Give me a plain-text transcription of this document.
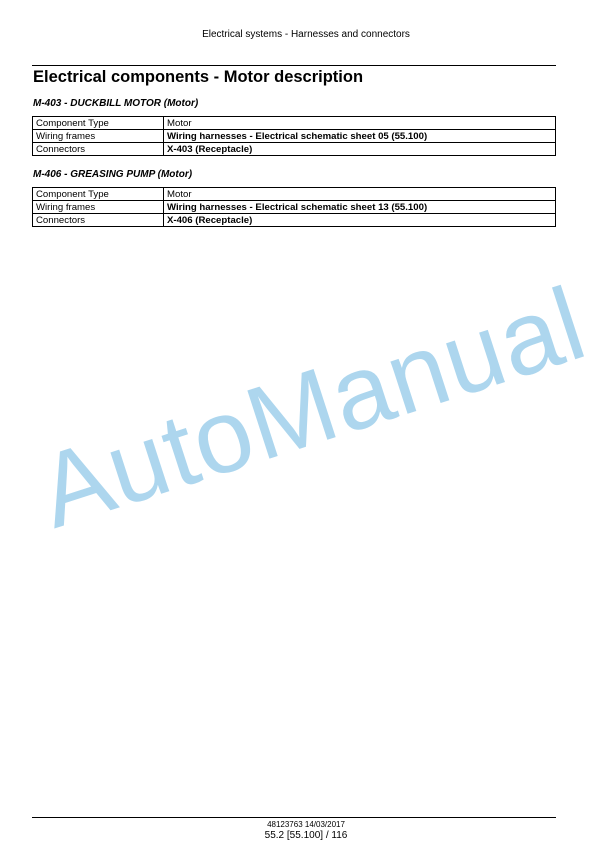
Electrical systems - Harnesses and connectors
Electrical components - Motor description
M-403 - DUCKBILL MOTOR (Motor)
Component Type	Motor
Wiring frames	Wiring harnesses - Electrical schematic sheet 05 (55.100)
Connectors	X-403 (Receptacle)
M-406 - GREASING PUMP (Motor)
Component Type	Motor
Wiring frames	Wiring harnesses - Electrical schematic sheet 13 (55.100)
Connectors	X-406 (Receptacle)
AutoManual
48123763 14/03/2017
55.2 [55.100] / 116
